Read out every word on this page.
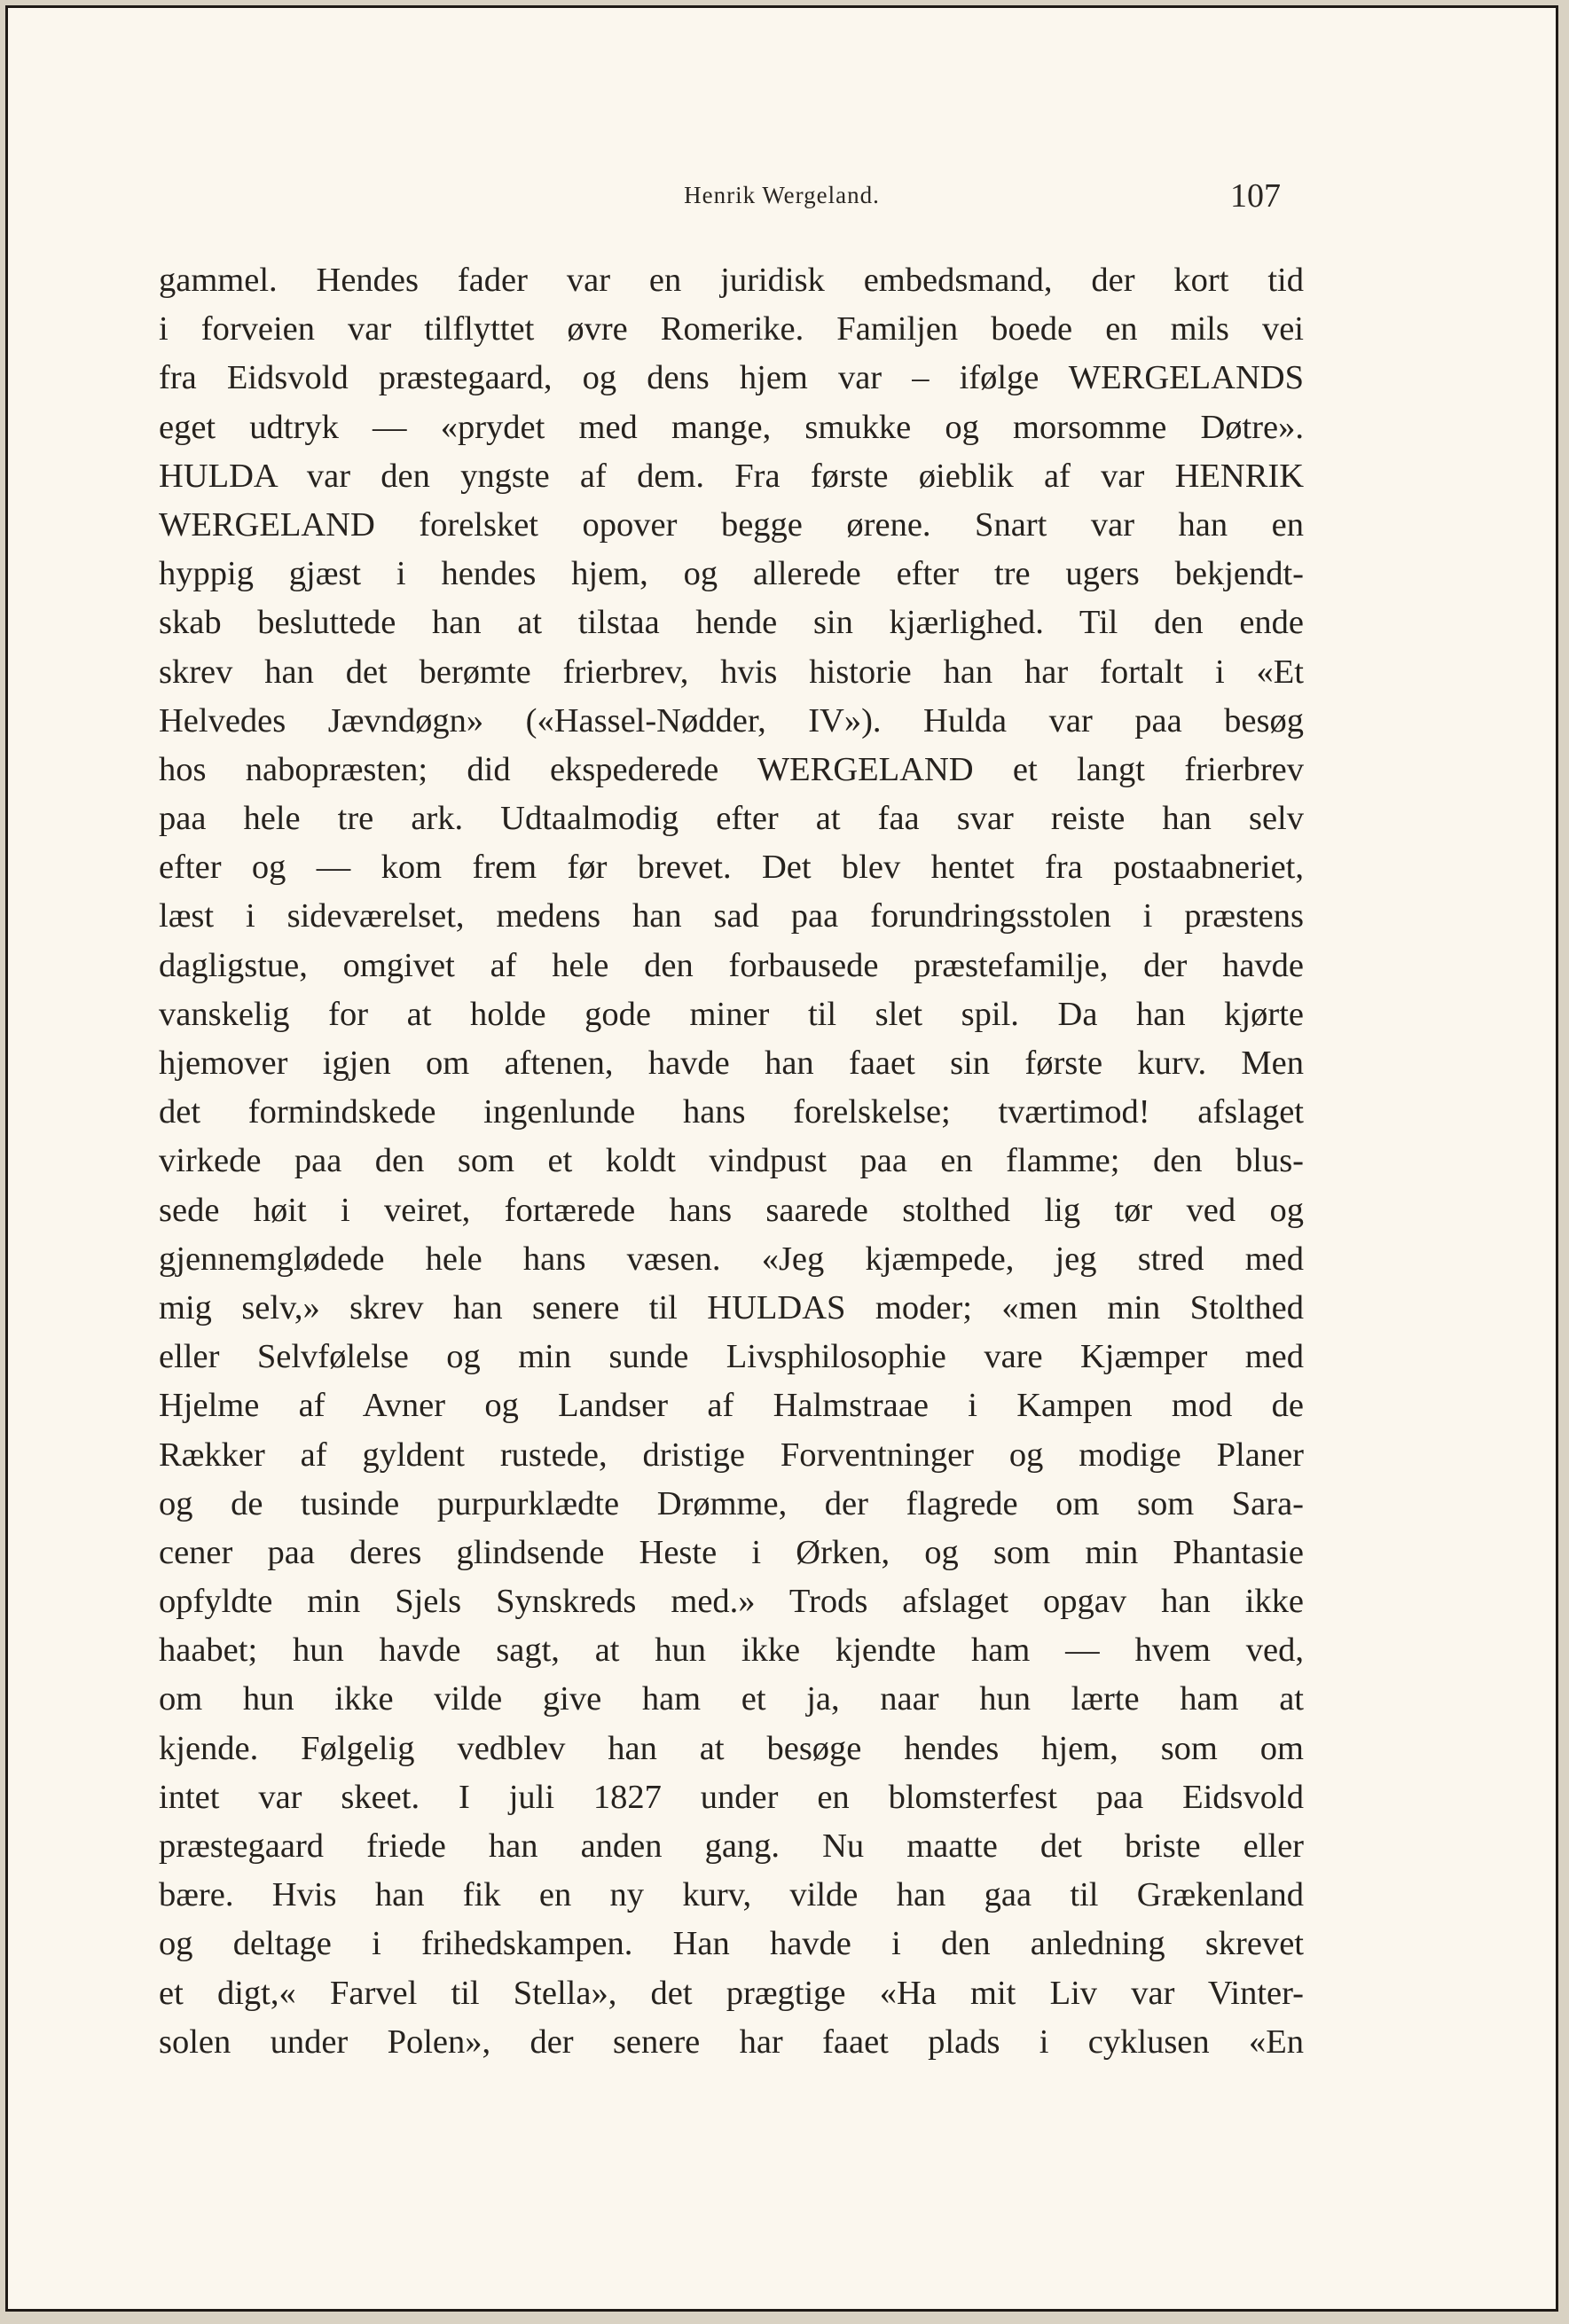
Henrik Wergeland.	107
gammel. Hendes fader var en juridisk embedsmand, der kort tid
i forveien var tilflyttet øvre Romerike. Familjen boede en mils vei
fra Eidsvold præstegaard, og dens hjem var – ifølge WERGELANDS
eget udtryk — «prydet med mange, smukke og morsomme Døtre».
HULDA var den yngste af dem. Fra første øieblik af var HENRIK
WERGELAND forelsket opover begge ørene. Snart var han en
hyppig gjæst i hendes hjem, og allerede efter tre ugers bekjendt-
skab besluttede han at tilstaa hende sin kjærlighed. Til den ende
skrev han det berømte frierbrev, hvis historie han har fortalt i «Et
Helvedes Jævndøgn» («Hassel-Nødder, IV»). Hulda var paa besøg
hos nabopræsten; did ekspederede WERGELAND et langt frierbrev
paa hele tre ark. Udtaalmodig efter at faa svar reiste han selv
efter og — kom frem før brevet. Det blev hentet fra postaabneriet,
læst i sideværelset, medens han sad paa forundringsstolen i præstens
dagligstue, omgivet af hele den forbausede præstefamilje, der havde
vanskelig for at holde gode miner til slet spil. Da han kjørte
hjemover igjen om aftenen, havde han faaet sin første kurv. Men
det formindskede ingenlunde hans forelskelse; tværtimod! afslaget
virkede paa den som et koldt vindpust paa en flamme; den blus-
sede høit i veiret, fortærede hans saarede stolthed lig tør ved og
gjennemglødede hele hans væsen. «Jeg kjæmpede, jeg stred med
mig selv,» skrev han senere til HULDAS moder; «men min Stolthed
eller Selvfølelse og min sunde Livsphilosophie vare Kjæmper med
Hjelme af Avner og Landser af Halmstraae i Kampen mod de
Rækker af gyldent rustede, dristige Forventninger og modige Planer
og de tusinde purpurklædte Drømme, der flagrede om som Sara-
cener paa deres glindsende Heste i Ørken, og som min Phantasie
opfyldte min Sjels Synskreds med.» Trods afslaget opgav han ikke
haabet; hun havde sagt, at hun ikke kjendte ham — hvem ved,
om hun ikke vilde give ham et ja, naar hun lærte ham at
kjende. Følgelig vedblev han at besøge hendes hjem, som om
intet var skeet. I juli 1827 under en blomsterfest paa Eidsvold
præstegaard friede han anden gang. Nu maatte det briste eller
bære. Hvis han fik en ny kurv, vilde han gaa til Grækenland
og deltage i frihedskampen. Han havde i den anledning skrevet
et digt,« Farvel til Stella», det prægtige «Ha mit Liv var Vinter-
solen under Polen», der senere har faaet plads i cyklusen «En
